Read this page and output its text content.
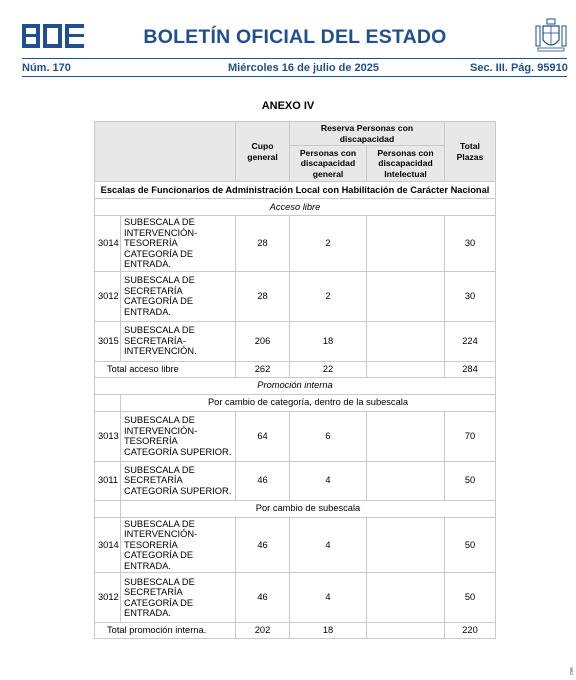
BOLETÍN OFICIAL DEL ESTADO
Núm. 170	Miércoles 16 de julio de 2025	Sec. III. Pág. 95910
ANEXO IV
		Cupo general	Reserva Personas con discapacidad		Total Plazas
			Personas con discapacidad general	Personas con discapacidad Intelectual	
Escalas de Funcionarios de Administración Local con Habilitación de Carácter Nacional					
Acceso libre					
3014	SUBESCALA DE INTERVENCIÓN-TESORERÍA CATEGORÍA DE ENTRADA.	28	2		30
3012	SUBESCALA DE SECRETARÍA CATEGORÍA DE ENTRADA.	28	2		30
3015	SUBESCALA DE SECRETARÍA-INTERVENCIÓN.	206	18		224
Total acceso libre		262	22		284
Promoción interna					
	Por cambio de categoría, dentro de la subescala				
3013	SUBESCALA DE INTERVENCIÓN-TESORERÍA CATEGORÍA SUPERIOR.	64	6		70
3011	SUBESCALA DE SECRETARÍA CATEGORÍA SUPERIOR.	46	4		50
	Por cambio de subescala				
3014	SUBESCALA DE INTERVENCIÓN-TESORERÍA CATEGORÍA DE ENTRADA.	46	4		50
3012	SUBESCALA DE SECRETARÍA CATEGORÍA DE ENTRADA.	46	4		50
Total promoción interna.		202	18		220
cve
